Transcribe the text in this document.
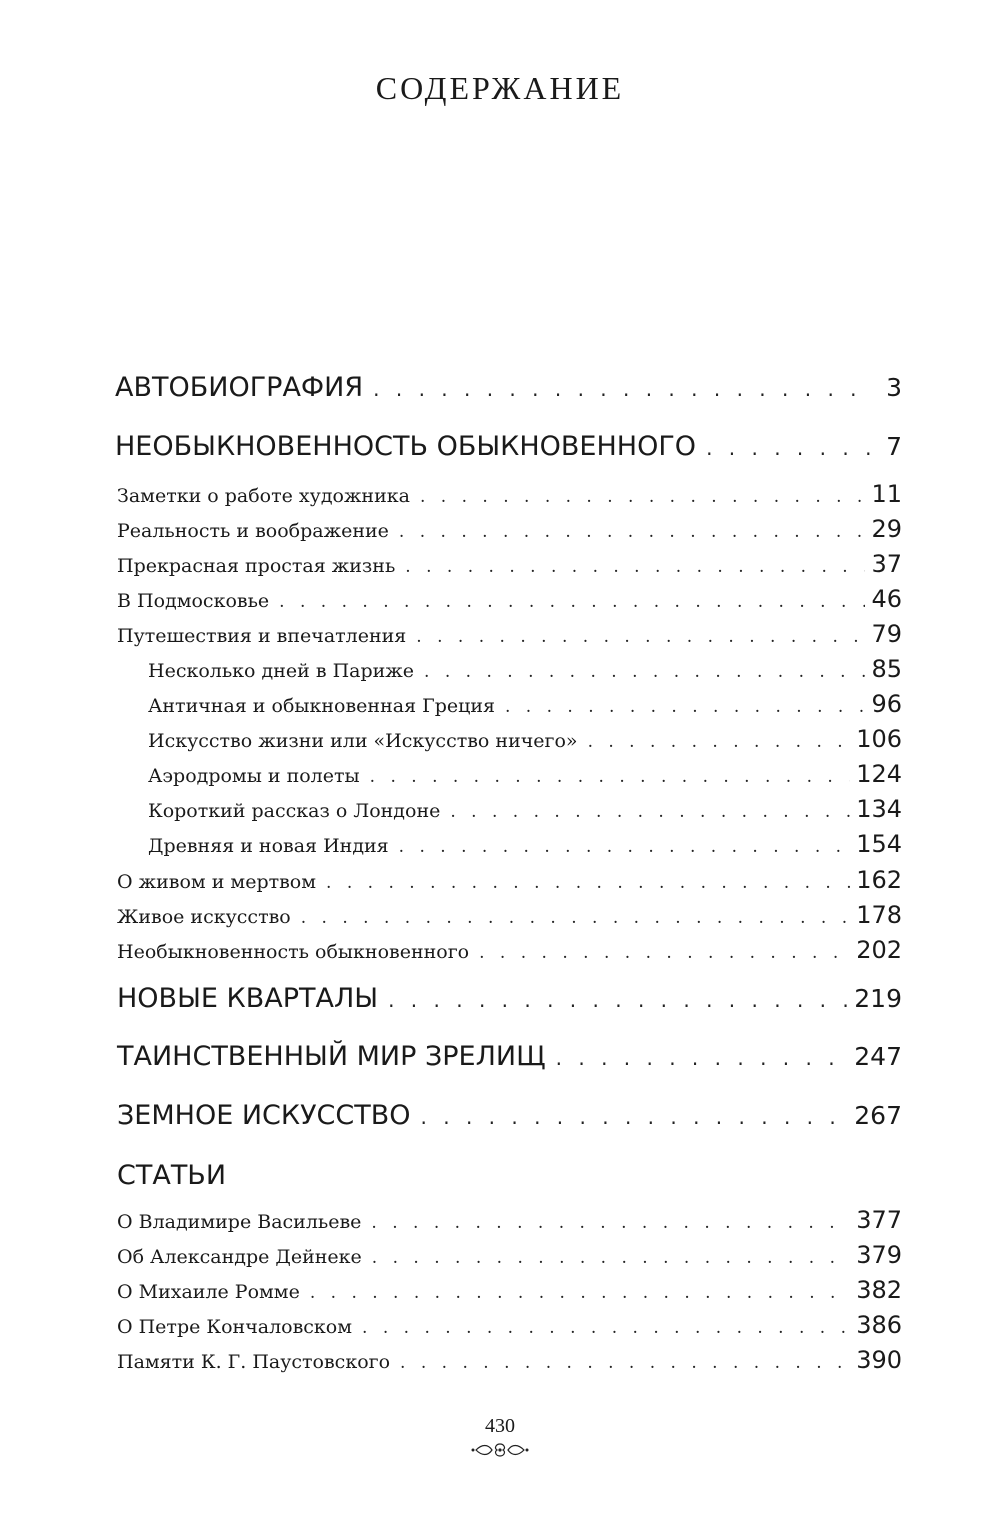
СОДЕРЖАНИЕ
АВТОБИОГРАФИЯ . . .	3
НЕОБЫКНОВЕННОСТЬ ОБЫКНОВЕННОГО . . .	7
Заметки о работе художника . . .	11
Реальность и воображение . . .	29
Прекрасная простая жизнь . . .	37
В Подмосковье . . .	46
Путешествия и впечатления . . .	79
Несколько дней в Париже . . .	85
Античная и обыкновенная Греция . . .	96
Искусство жизни или «Искусство ничего» . . .	106
Аэродромы и полеты . . .	124
Короткий рассказ о Лондоне . . .	134
Древняя и новая Индия . . .	154
О живом и мертвом . . .	162
Живое искусство . . .	178
Необыкновенность обыкновенного . . .	202
НОВЫЕ КВАРТАЛЫ . . .	219
ТАИНСТВЕННЫЙ МИР ЗРЕЛИЩ . . .	247
ЗЕМНОЕ ИСКУССТВО . . .	267
СТАТЬИ
О Владимире Васильеве . . .	377
Об Александре Дейнеке . . .	379
О Михаиле Ромме . . .	382
О Петре Кончаловском . . .	386
Памяти К. Г. Паустовского . . .	390
430
